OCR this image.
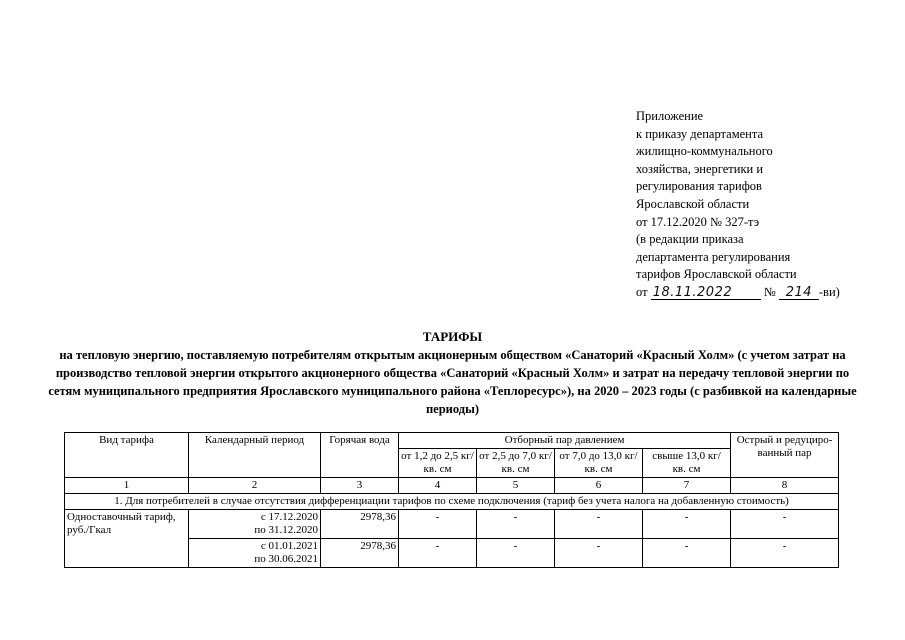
Приложение
к приказу департамента
жилищно-коммунального
хозяйства, энергетики и
регулирования тарифов
Ярославской области
от 17.12.2020 № 327-тэ
(в редакции приказа
департамента регулирования
тарифов Ярославской области
от 18.11.2022	№ 214 -ви)
ТАРИФЫ
на тепловую энергию, поставляемую потребителям открытым акционерным обществом «Санаторий «Красный Холм» (с учетом затрат на производство тепловой энергии открытого акционерного общества «Санаторий «Красный Холм» и затрат на передачу тепловой энергии по сетям муниципального предприятия Ярославского муниципального района «Теплоресурс»), на 2020 – 2023 годы (с разбивкой на календарные периоды)
Вид тарифа	Календарный период	Горячая вода	Отборный пар давлением				Острый и редуциро-ванный пар
			от 1,2 до 2,5 кг/ кв. см	от 2,5 до 7,0 кг/ кв. см	от 7,0 до 13,0 кг/ кв. см	свыше 13,0 кг/ кв. см	
1	2	3	4	5	6	7	8
1. Для потребителей в случае отсутствия дифференциации тарифов по схеме подключения (тариф без учета налога на добавленную стоимость)							
Одноставочный тариф, руб./Гкал	с 17.12.2020
по 31.12.2020	2978,36	-	-	-	-	-

	с 01.01.2021
по 30.06.2021	2978,36	-	-	-	-	-
